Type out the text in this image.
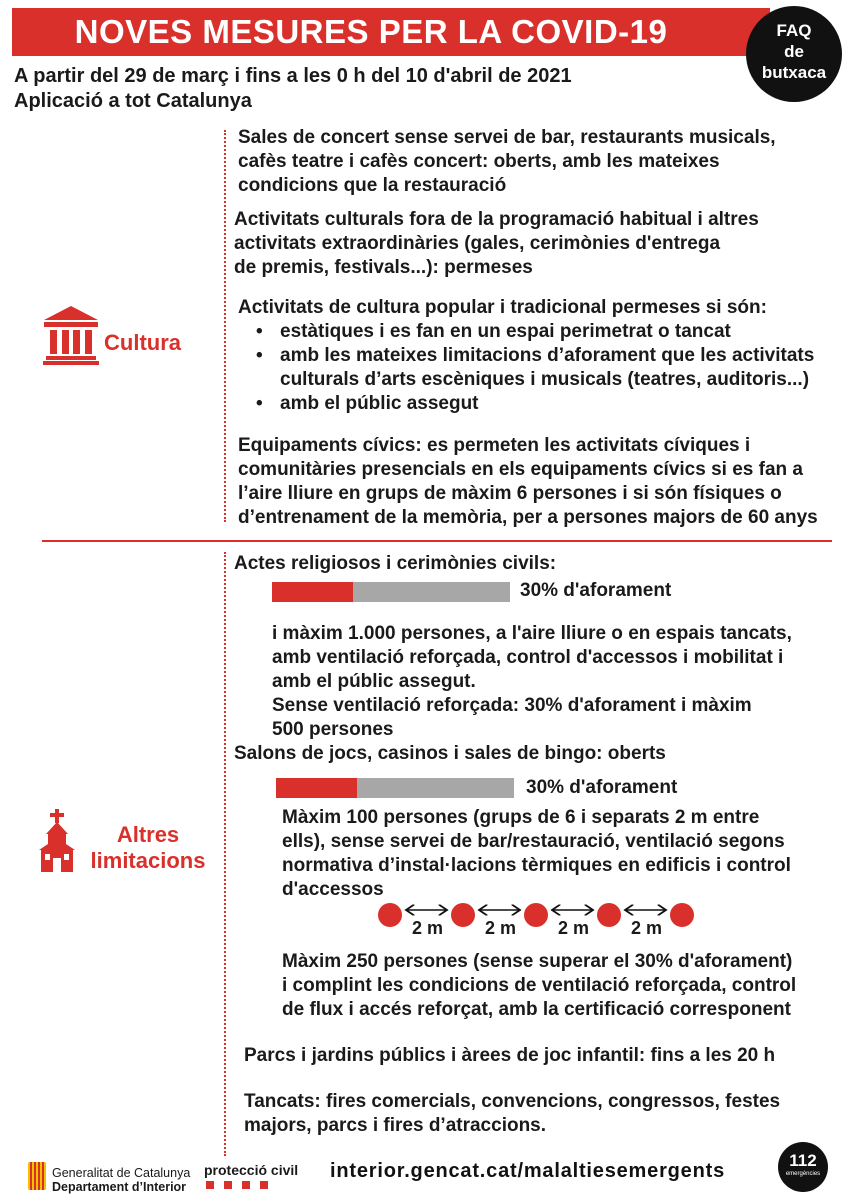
NOVES MESURES PER LA COVID-19	FAQ
de
butxaca
A partir del 29 de març i fins a les 0 h del 10 d'abril de 2021
Aplicació a tot Catalunya
Cultura
Sales de concert sense servei de bar, restaurants musicals,
cafès teatre i cafès concert: oberts, amb les mateixes
condicions que la restauració
Activitats culturals fora de la programació habitual i altres
activitats extraordinàries (gales, cerimònies d'entrega
de premis, festivals...): permeses
Activitats de cultura popular i tradicional permeses si són:
• estàtiques i es fan en un espai perimetrat o tancat
• amb les mateixes limitacions d’aforament que les activitats
culturals d’arts escèniques i musicals (teatres, auditoris...)
• amb el públic assegut
Equipaments cívics: es permeten les activitats cíviques i
comunitàries presencials en els equipaments cívics si es fan a
l’aire lliure en grups de màxim 6 persones i si són físiques o
d’entrenament de la memòria, per a persones majors de 60 anys
Altres
limitacions
Actes religiosos i cerimònies civils:
30% d'aforament
i màxim 1.000 persones, a l'aire lliure o en espais tancats,
amb ventilació reforçada, control d'accessos i mobilitat i
amb el públic assegut.
Sense ventilació reforçada: 30% d'aforament i màxim
500 persones
Salons de jocs, casinos i sales de bingo: oberts
30% d'aforament
Màxim 100 persones (grups de 6 i separats 2 m entre
ells), sense servei de bar/restauració, ventilació segons
normativa d’instal·lacions tèrmiques en edificis i control
d'accessos
2 m 2 m 2 m 2 m
Màxim 250 persones (sense superar el 30% d'aforament)
i complint les condicions de ventilació reforçada, control
de flux i accés reforçat, amb la certificació corresponent
Parcs i jardins públics i àrees de joc infantil: fins a les 20 h
Tancats: fires comercials, convencions, congressos, festes
majors, parcs i fires d’atraccions.
Generalitat de Catalunya
Departament d’Interior
protecció civil interior.gencat.cat/malaltiesemergents	112
emergències
